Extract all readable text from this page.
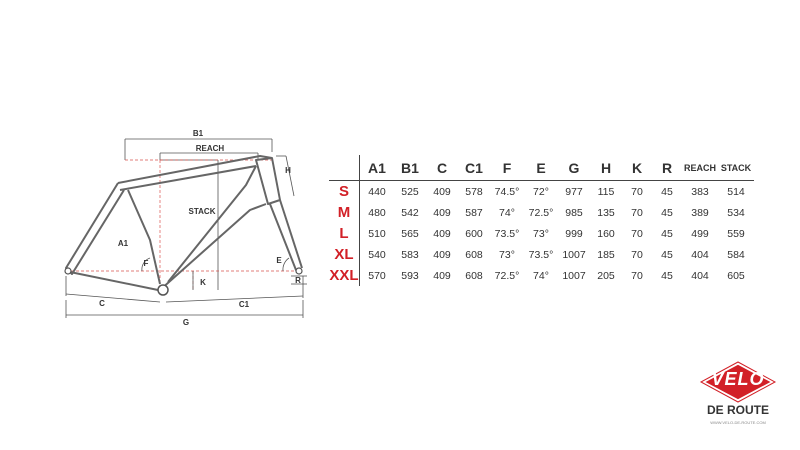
B1
REACH
H
STACK
A1
F
K
E
R
C	C1
G
	A1	B1	C	C1	F	E	G	H	K	R	REACH	STACK
S	440	525	409	578	74.5°	72°	977	115	70	45	383	514
M	480	542	409	587	74°	72.5°	985	135	70	45	389	534
L	510	565	409	600	73.5°	73°	999	160	70	45	499	559
XL	540	583	409	608	73°	73.5°	1007	185	70	45	404	584
XXL	570	593	409	608	72.5°	74°	1007	205	70	45	404	605
VELO
DE ROUTE
WWW.VELO-DE-ROUTE.COM
